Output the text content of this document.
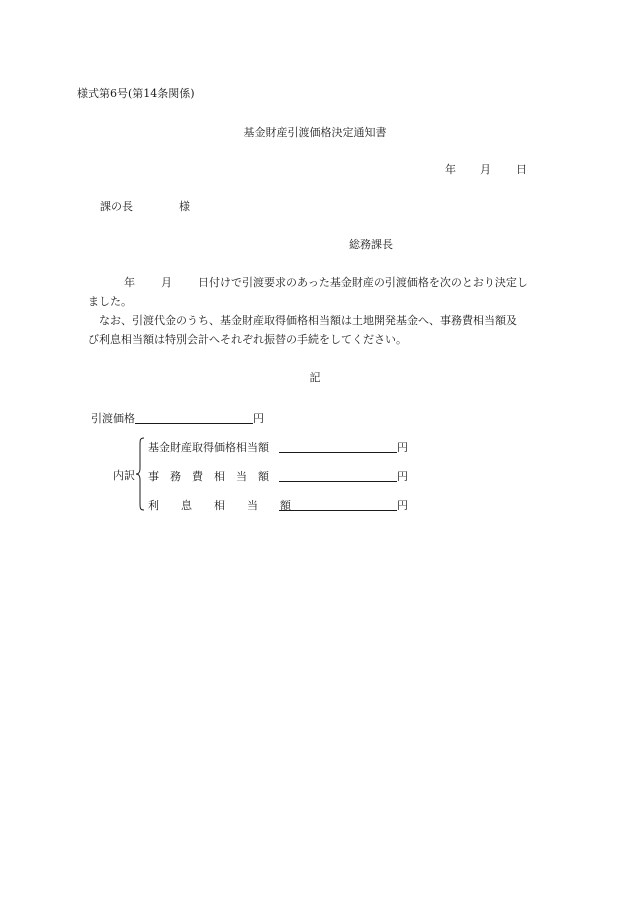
様式第6号(第14条関係)
基金財産引渡価格決定通知書
年 月 日
課の長	様
総務課長

年 月 日付けで引渡要求のあった基金財産の引渡価格を次のとおり決定し

ました。

なお、引渡代金のうち、基金財産取得価格相当額は土地開発基金へ、事務費相当額及

び利息相当額は特別会計へそれぞれ振替の手続をしてください。

記
引渡価格	円
内訳
基金財産取得価格相当額	円
事　務　費　相　当　額	円
利　　息　　相　　当　　額	円
